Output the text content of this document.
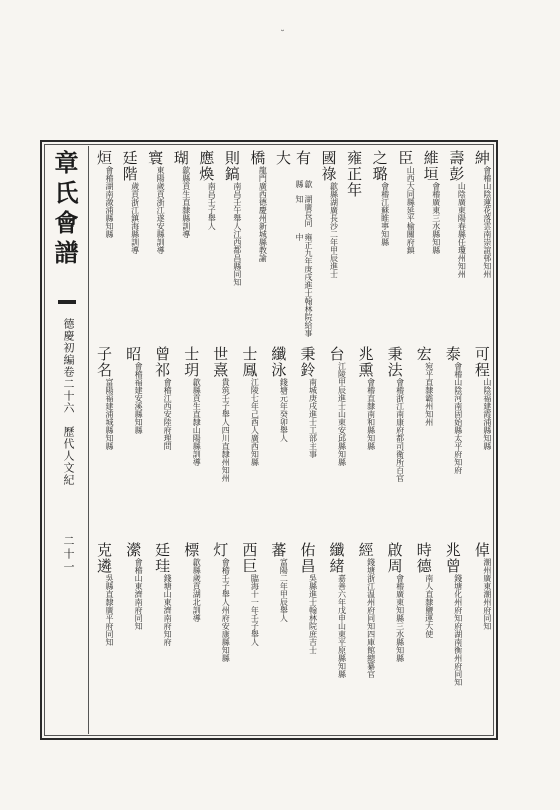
˘
章氏會譜
德慶初編卷二十六　歷代人文紀
二十一
紳
會稽山陰蓮花落
雲南崇誼邨知州
壽彭
山陰廣東陽春縣
任瓊州知州
維垣
會稽廣東三水縣知縣
臣
山西大同縣延平
榆關府鎮
之璐
會稽江蘇睢寧
知縣
雍正年
國祿
歙縣
湖廣長沙
二年甲辰進士
有大
歙縣
湖廣長同知
雍正九年庚戌進士翰林院給事中
橋
龍門廣西德慶州
新城縣教諭
則鎬
南昌壬午舉人
江西都昌縣同知
應煥
南昌壬子舉人
瑚
歙縣貢生
直隸縣訓導
寰
東陽歲貢
浙江遂安縣訓導
廷階
歲貢
浙江鎮海縣訓導
烜
會稽
湖南漵浦縣知縣
可程
山陰
福建霞浦縣知縣
泰
會稽山陰
河南固始縣
太平府知府
宏
宛平
直隸霸州知州
秉法
會稽
浙江南康府
都司衛所百官
兆熏
會稽
直隸南和縣知縣
台
江陵甲辰進士
山東安邱縣知縣
秉鈴
南城庚戌進士
工部主事
纖泳
錢塘元年癸卯舉人
士鳳
江陵七年己酉
人廣西知縣
世熹
貴筑壬子舉人
四川直隸州知州
士玥
歙縣
貢生直隸山陽縣訓導
曾祁
會稽
江西安陸府理問
昭
會稽
福建安溪縣知縣
子名
富陽
福建浦城縣知縣
倬
潮州
廣東潮州府同知
兆曾
錢塘
化州府知府
湖南衡州府同知
時德
南人
直隸鹽運大使
啟周
會稽
廣東知縣
三水縣知縣
經
錢塘
浙江温州府同知
四庫館總纂官
纖緒
嘉善六年戊申
山東平原縣知縣
佑昌
吳縣
進士翰林院庶吉士
蕃
富陽二年甲辰舉人
西巨
臨海十一年壬子舉人
灯
會稽壬子舉人
州府安康縣知縣
標
歙縣歲貢
湖北訓導
廷珪
錢塘
山東濟南府知府
瀠
會稽
山東濟南府同知
克遴
吳縣
直隸廣平府同知
